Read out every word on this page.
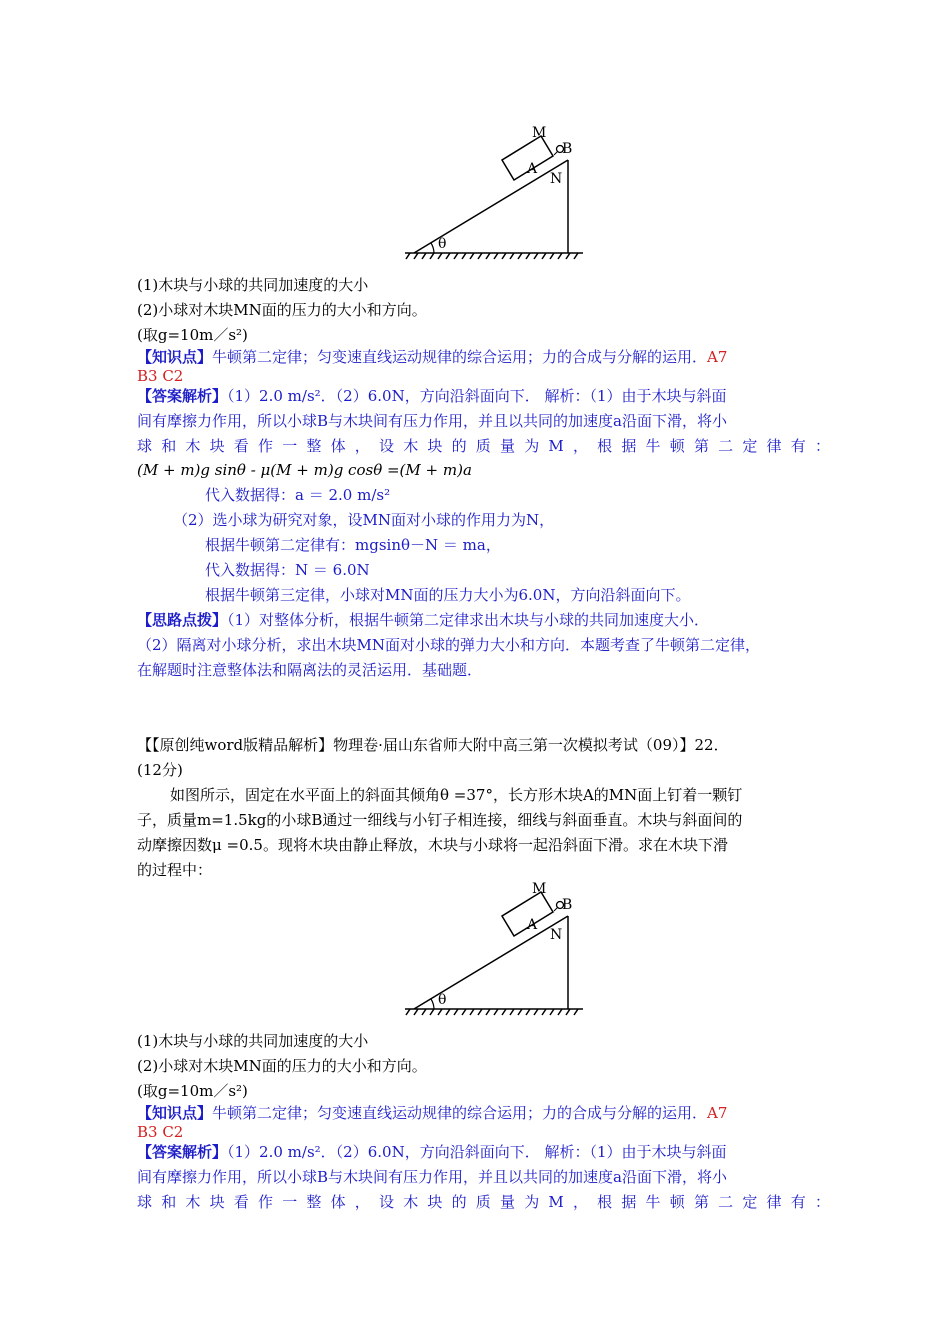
θ
M
B
A
N
(1)木块与小球的共同加速度的大小
(2)小球对木块MN面的压力的大小和方向。
(取g=10m／s²)
【知识点】牛顿第二定律；匀变速直线运动规律的综合运用；力的合成与分解的运用．A7
B3 C2
【答案解析】（1）2.0 m/s²．（2）6.0N，方向沿斜面向下． 解析：（1）由于木块与斜面
间有摩擦力作用，所以小球B与木块间有压力作用，并且以共同的加速度a沿面下滑，将小
球和木块看作一整体，设木块的质量为M，根据牛顿第二定律有：
(M + m)g sinθ - μ(M + m)g cosθ =(M + m)a
代入数据得：a ＝ 2.0 m/s²
（2）选小球为研究对象，设MN面对小球的作用力为N，
根据牛顿第二定律有：mgsinθ－N ＝ ma，
代入数据得：N ＝ 6.0N
根据牛顿第三定律，小球对MN面的压力大小为6.0N，方向沿斜面向下。
【思路点拨】（1）对整体分析，根据牛顿第二定律求出木块与小球的共同加速度大小．
（2）隔离对小球分析，求出木块MN面对小球的弹力大小和方向．本题考查了牛顿第二定律，
在解题时注意整体法和隔离法的灵活运用．基础题．
【【原创纯word版精品解析】物理卷·届山东省师大附中高三第一次模拟考试（09）】22．
(12分)
如图所示，固定在水平面上的斜面其倾角θ =37°，长方形木块A的MN面上钉着一颗钉
子，质量m=1.5kg的小球B通过一细线与小钉子相连接，细线与斜面垂直。木块与斜面间的
动摩擦因数μ =0.5。现将木块由静止释放，木块与小球将一起沿斜面下滑。求在木块下滑
的过程中：
θ
M
B
A
N
(1)木块与小球的共同加速度的大小
(2)小球对木块MN面的压力的大小和方向。
(取g=10m／s²)
【知识点】牛顿第二定律；匀变速直线运动规律的综合运用；力的合成与分解的运用．A7
B3 C2
【答案解析】（1）2.0 m/s²．（2）6.0N，方向沿斜面向下． 解析：（1）由于木块与斜面
间有摩擦力作用，所以小球B与木块间有压力作用，并且以共同的加速度a沿面下滑，将小
球和木块看作一整体，设木块的质量为M，根据牛顿第二定律有：
